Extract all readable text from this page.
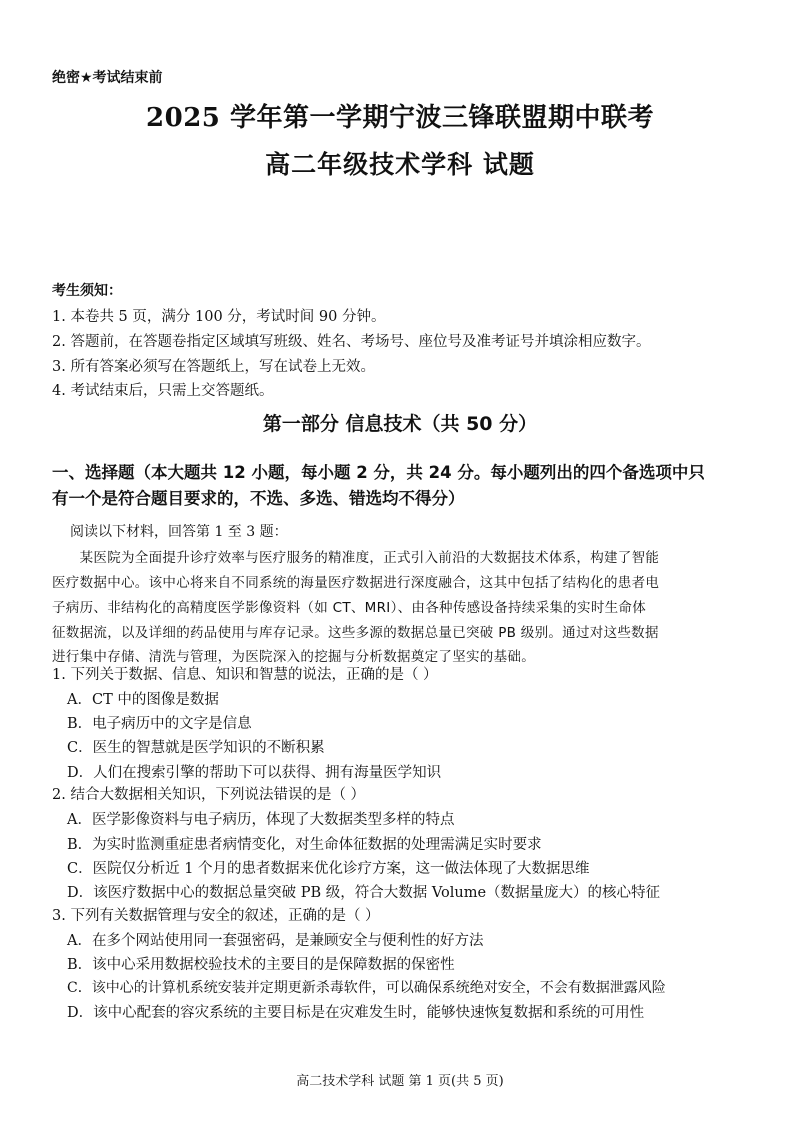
绝密★考试结束前
2025 学年第一学期宁波三锋联盟期中联考
高二年级技术学科 试题
考生须知：
1. 本卷共 5 页，满分 100 分，考试时间 90 分钟。
2. 答题前，在答题卷指定区域填写班级、姓名、考场号、座位号及准考证号并填涂相应数字。
3. 所有答案必须写在答题纸上，写在试卷上无效。
4. 考试结束后，只需上交答题纸。
第一部分 信息技术（共 50 分）
一、选择题（本大题共 12 小题，每小题 2 分，共 24 分。每小题列出的四个备选项中只
有一个是符合题目要求的，不选、多选、错选均不得分）
阅读以下材料，回答第 1 至 3 题：
　　某医院为全面提升诊疗效率与医疗服务的精准度，正式引入前沿的大数据技术体系，构建了智能
医疗数据中心。该中心将来自不同系统的海量医疗数据进行深度融合，这其中包括了结构化的患者电
子病历、非结构化的高精度医学影像资料（如 CT、MRI）、由各种传感设备持续采集的实时生命体
征数据流，以及详细的药品使用与库存记录。这些多源的数据总量已突破 PB 级别。通过对这些数据
进行集中存储、清洗与管理，为医院深入的挖掘与分析数据奠定了坚实的基础。
1. 下列关于数据、信息、知识和智慧的说法，正确的是（ ）
A．CT 中的图像是数据
B．电子病历中的文字是信息
C．医生的智慧就是医学知识的不断积累
D．人们在搜索引擎的帮助下可以获得、拥有海量医学知识
2. 结合大数据相关知识，下列说法错误的是（ ）
A．医学影像资料与电子病历，体现了大数据类型多样的特点
B．为实时监测重症患者病情变化，对生命体征数据的处理需满足实时要求
C．医院仅分析近 1 个月的患者数据来优化诊疗方案，这一做法体现了大数据思维
D．该医疗数据中心的数据总量突破 PB 级，符合大数据 Volume（数据量庞大）的核心特征
3. 下列有关数据管理与安全的叙述，正确的是（ ）
A．在多个网站使用同一套强密码，是兼顾安全与便利性的好方法
B．该中心采用数据校验技术的主要目的是保障数据的保密性
C．该中心的计算机系统安装并定期更新杀毒软件，可以确保系统绝对安全，不会有数据泄露风险
D．该中心配套的容灾系统的主要目标是在灾难发生时，能够快速恢复数据和系统的可用性
高二技术学科 试题 第 1 页(共 5 页)
